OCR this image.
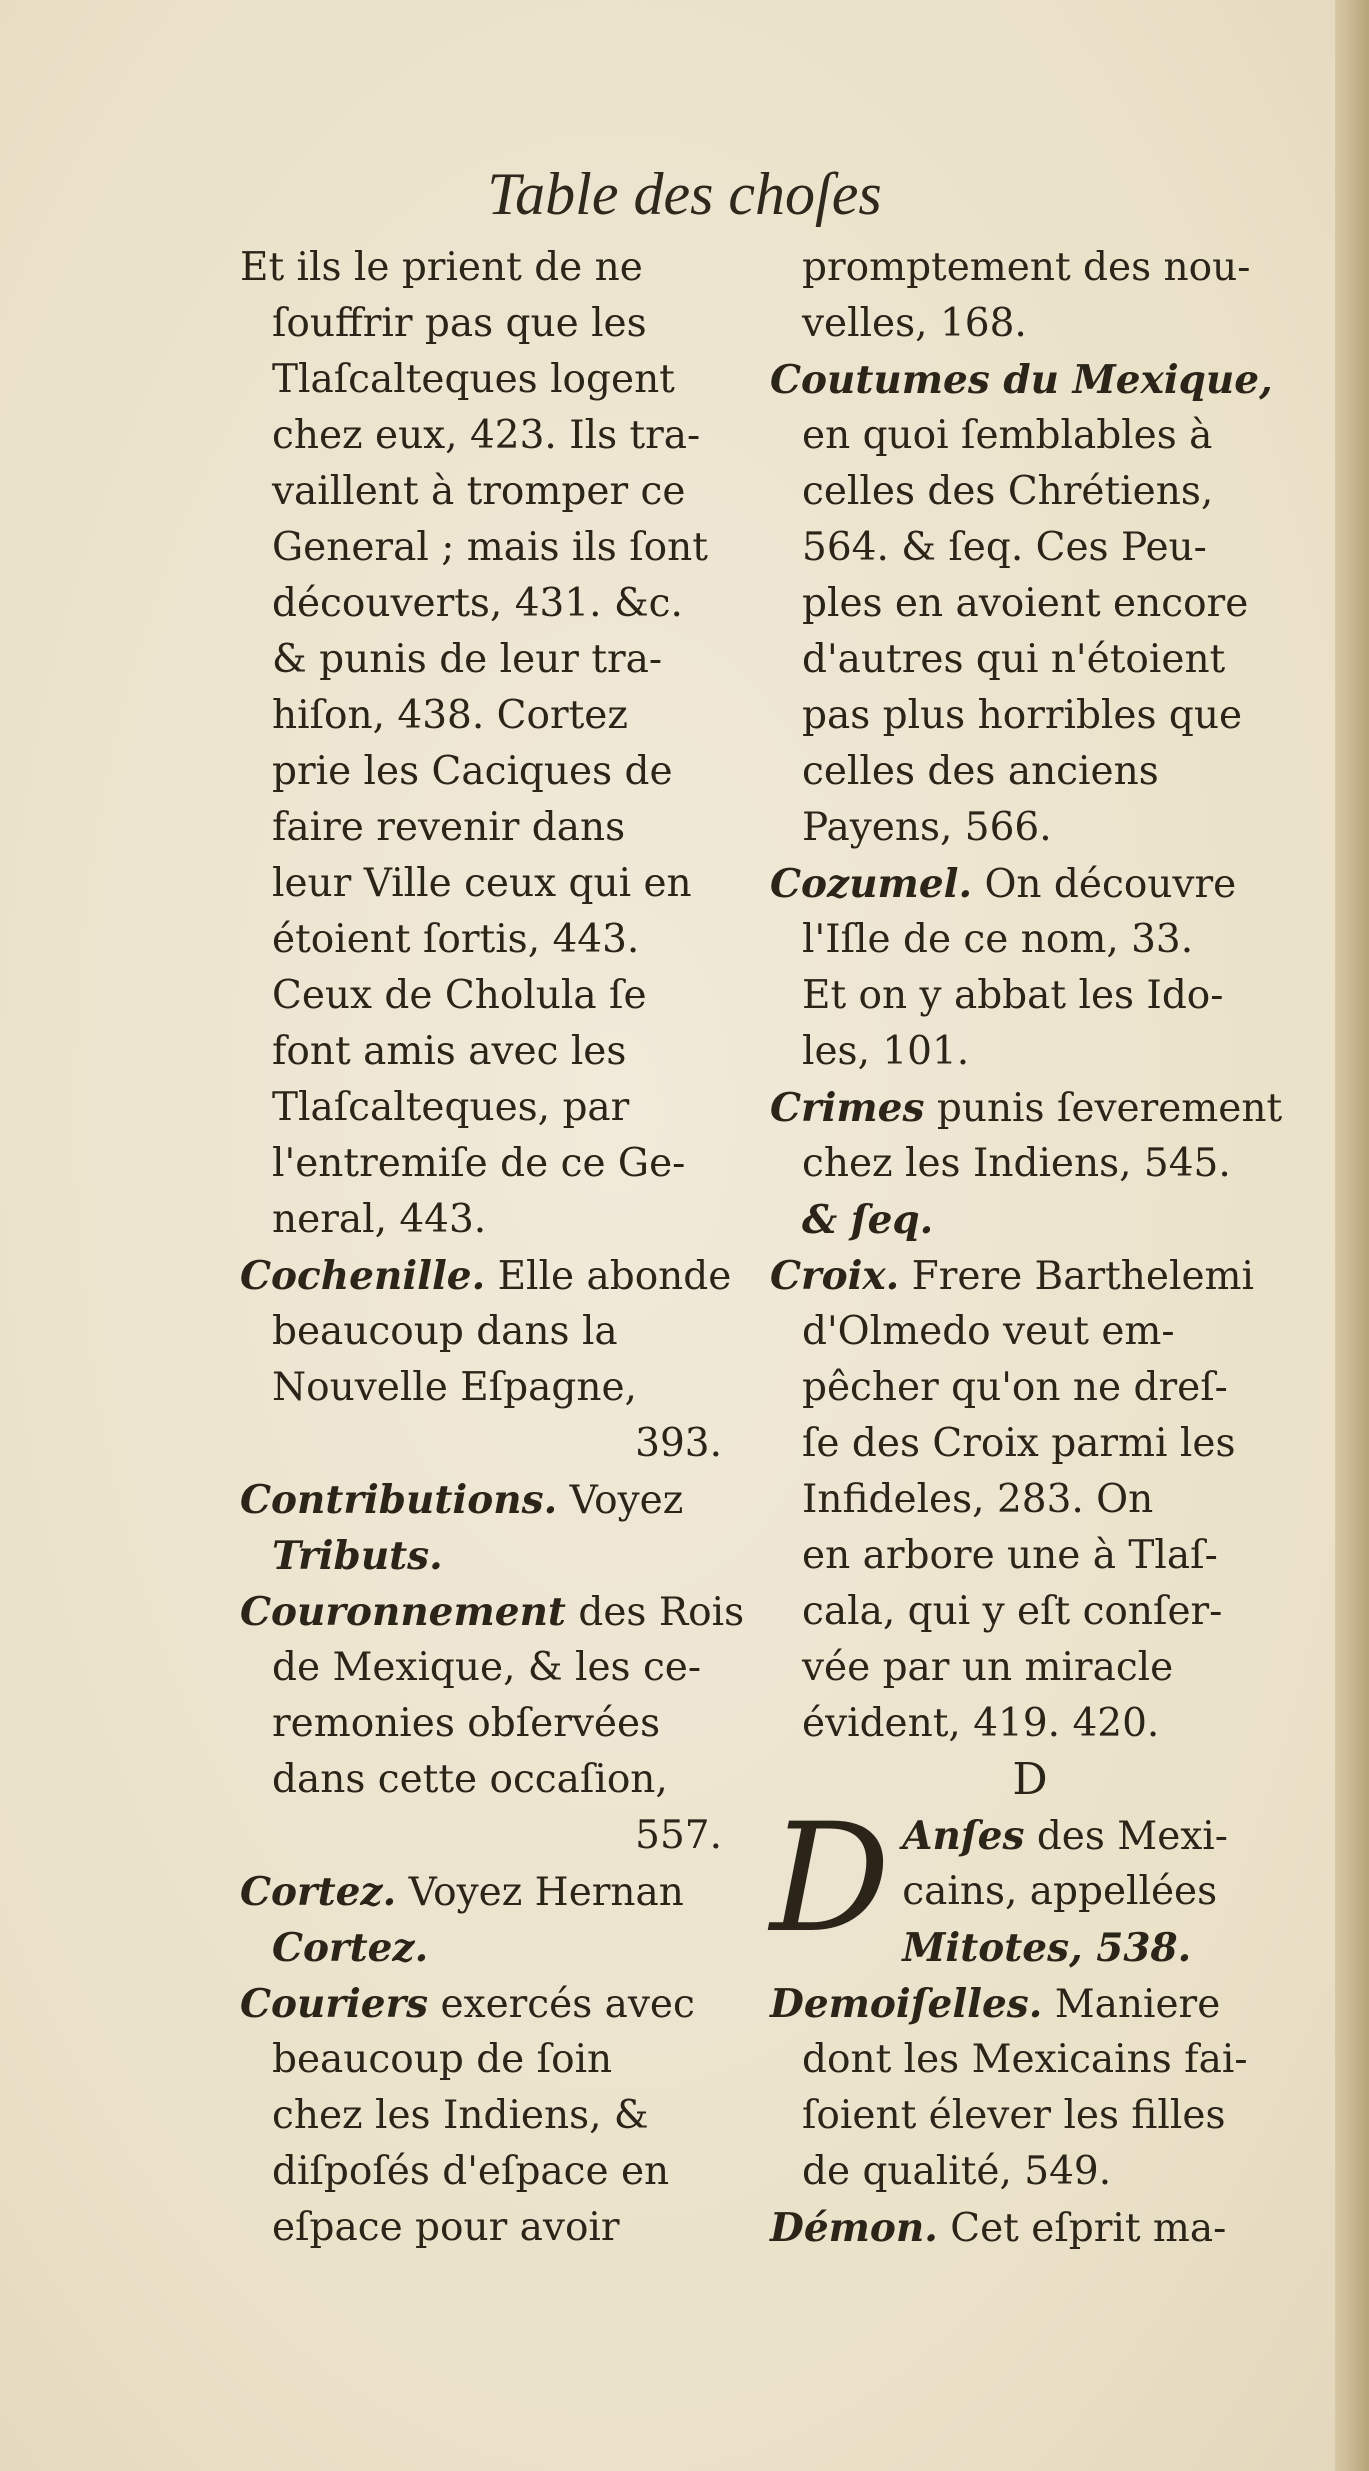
Table des choſes
Et ils le prient de ne
ſouffrir pas que les
Tlaſcalteques logent
chez eux, 423. Ils tra-
vaillent à tromper ce
General ; mais ils ſont
découverts, 431. &c.
& punis de leur tra-
hiſon, 438. Cortez
prie les Caciques de
faire revenir dans
leur Ville ceux qui en
étoient ſortis, 443.
Ceux de Cholula ſe
font amis avec les
Tlaſcalteques, par
l'entremiſe de ce Ge-
neral, 443.
Cochenille. Elle abonde
beaucoup dans la
Nouvelle Eſpagne,
393.
Contributions. Voyez
Tributs.
Couronnement des Rois
de Mexique, & les ce-
remonies obſervées
dans cette occaſion,
557.
Cortez. Voyez Hernan
Cortez.
Couriers exercés avec
beaucoup de ſoin
chez les Indiens, &
diſpoſés d'eſpace en
eſpace pour avoir
promptement des nou-
velles, 168.
Coutumes du Mexique,
en quoi ſemblables à
celles des Chrétiens,
564. & ſeq. Ces Peu-
ples en avoient encore
d'autres qui n'étoient
pas plus horribles que
celles des anciens
Payens, 566.
Cozumel. On découvre
l'Iſle de ce nom, 33.
Et on y abbat les Ido-
les, 101.
Crimes punis ſeverement
chez les Indiens, 545.
& ſeq.
Croix. Frere Barthelemi
d'Olmedo veut em-
pêcher qu'on ne dreſ-
ſe des Croix parmi les
Infideles, 283. On
en arbore une à Tlaſ-
cala, qui y eſt conſer-
vée par un miracle
évident, 419. 420.
D
D Anſes des Mexi-
cains, appellées
Mitotes, 538.
Demoiſelles. Maniere
dont les Mexicains fai-
ſoient élever les filles
de qualité, 549.
Démon. Cet eſprit ma-
